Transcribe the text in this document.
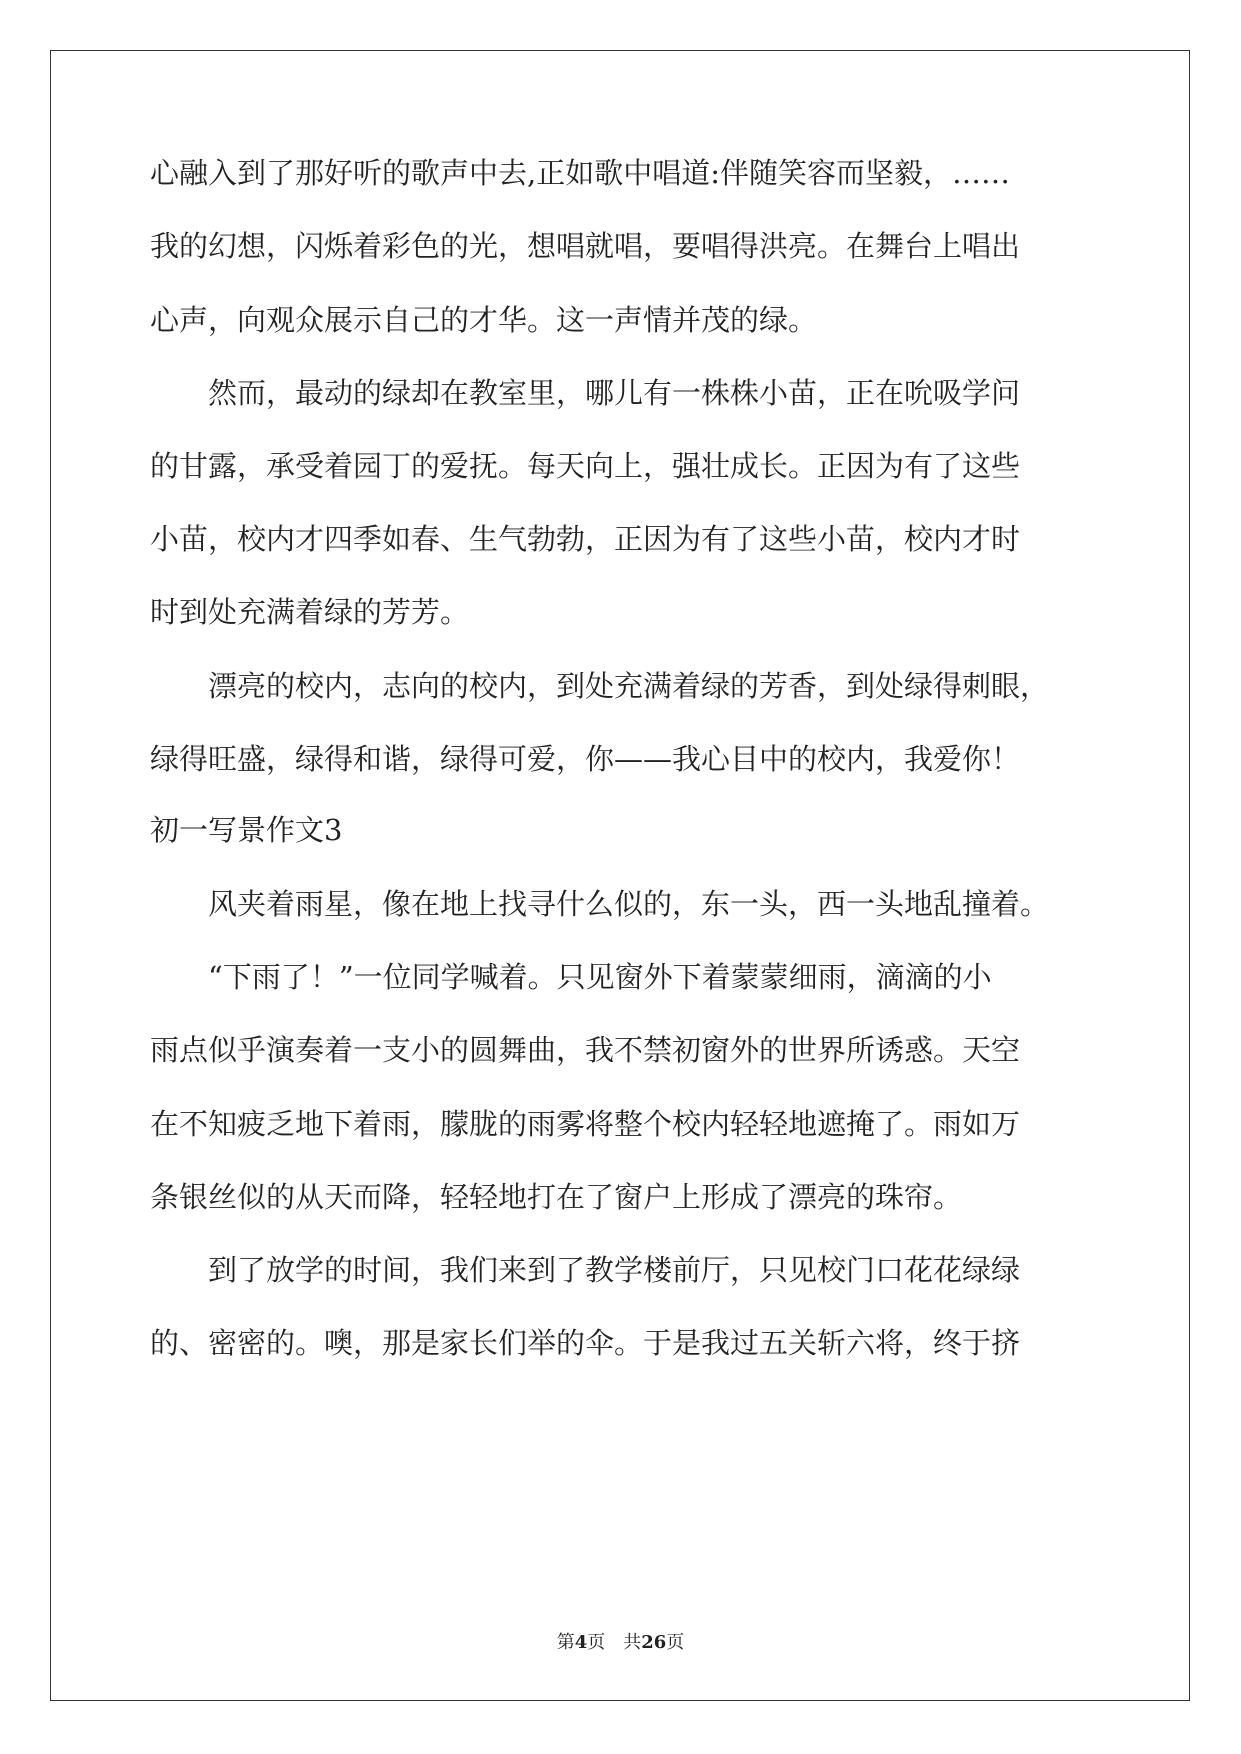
心融入到了那好听的歌声中去,正如歌中唱道:伴随笑容而坚毅，……
我的幻想，闪烁着彩色的光，想唱就唱，要唱得洪亮。在舞台上唱出
心声，向观众展示自己的才华。这一声情并茂的绿。
　　然而，最动的绿却在教室里，哪儿有一株株小苗，正在吮吸学问
的甘露，承受着园丁的爱抚。每天向上，强壮成长。正因为有了这些
小苗，校内才四季如春、生气勃勃，正因为有了这些小苗，校内才时
时到处充满着绿的芳芳。
　　漂亮的校内，志向的校内，到处充满着绿的芳香，到处绿得刺眼，
绿得旺盛，绿得和谐，绿得可爱，你——我心目中的校内，我爱你！
初一写景作文3
　　风夹着雨星，像在地上找寻什么似的，东一头，西一头地乱撞着。
　　“下雨了！”一位同学喊着。只见窗外下着蒙蒙细雨，滴滴的小
雨点似乎演奏着一支小的圆舞曲，我不禁初窗外的世界所诱惑。天空
在不知疲乏地下着雨，朦胧的雨雾将整个校内轻轻地遮掩了。雨如万
条银丝似的从天而降，轻轻地打在了窗户上形成了漂亮的珠帘。
　　到了放学的时间，我们来到了教学楼前厅，只见校门口花花绿绿
的、密密的。噢，那是家长们举的伞。于是我过五关斩六将，终于挤
第4页　 共26页
